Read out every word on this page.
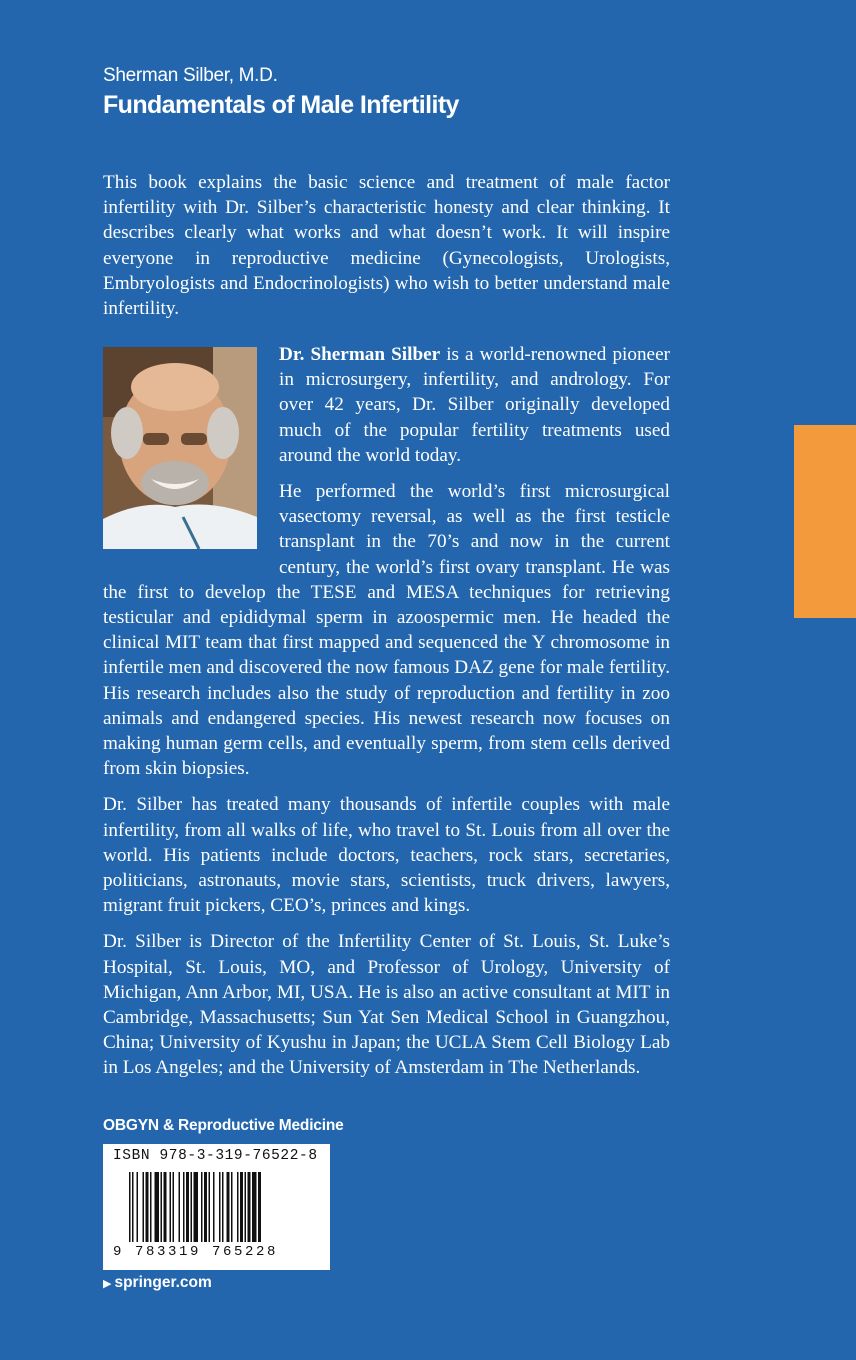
Sherman Silber, M.D.
Fundamentals of Male Infertility

This book explains the basic science and treatment of male factor infertility with Dr. Silber’s characteristic honesty and clear thinking. It describes clearly what works and what doesn’t work. It will inspire everyone in reproductive medicine (Gynecologists, Urologists, Embryologists and Endocrinologists) who wish to better understand male infertility.

Dr. Sherman Silber is a world-renowned pioneer in microsurgery, infertility, and andrology. For over 42 years, Dr. Silber originally developed much of the popular fertility treatments used around the world today.

He performed the world’s first microsurgical vasectomy reversal, as well as the first testicle transplant in the 70’s and now in the current century, the world’s first ovary transplant. He was the first to develop the TESE and MESA techniques for retrieving testicular and epididymal sperm in azoospermic men. He headed the clinical MIT team that first mapped and sequenced the Y chromosome in infertile men and discovered the now famous DAZ gene for male fertility. His research includes also the study of reproduction and fertility in zoo animals and endangered species. His newest research now focuses on making human germ cells, and eventually sperm, from stem cells derived from skin biopsies.

Dr. Silber has treated many thousands of infertile couples with male infertility, from all walks of life, who travel to St. Louis from all over the world. His patients include doctors, teachers, rock stars, secretaries, politicians, astronauts, movie stars, scientists, truck drivers, lawyers, migrant fruit pickers, CEO’s, princes and kings.

Dr. Silber is Director of the Infertility Center of St. Louis, St. Luke’s Hospital, St. Louis, MO, and Professor of Urology, University of Michigan, Ann Arbor, MI, USA. He is also an active consultant at MIT in Cambridge, Massachusetts; Sun Yat Sen Medical School in Guangzhou, China; University of Kyushu in Japan; the UCLA Stem Cell Biology Lab in Los Angeles; and the University of Amsterdam in The Netherlands.

OBGYN & Reproductive Medicine
ISBN 978-3-319-76522-8
9 783319 765228
▶ springer.com
